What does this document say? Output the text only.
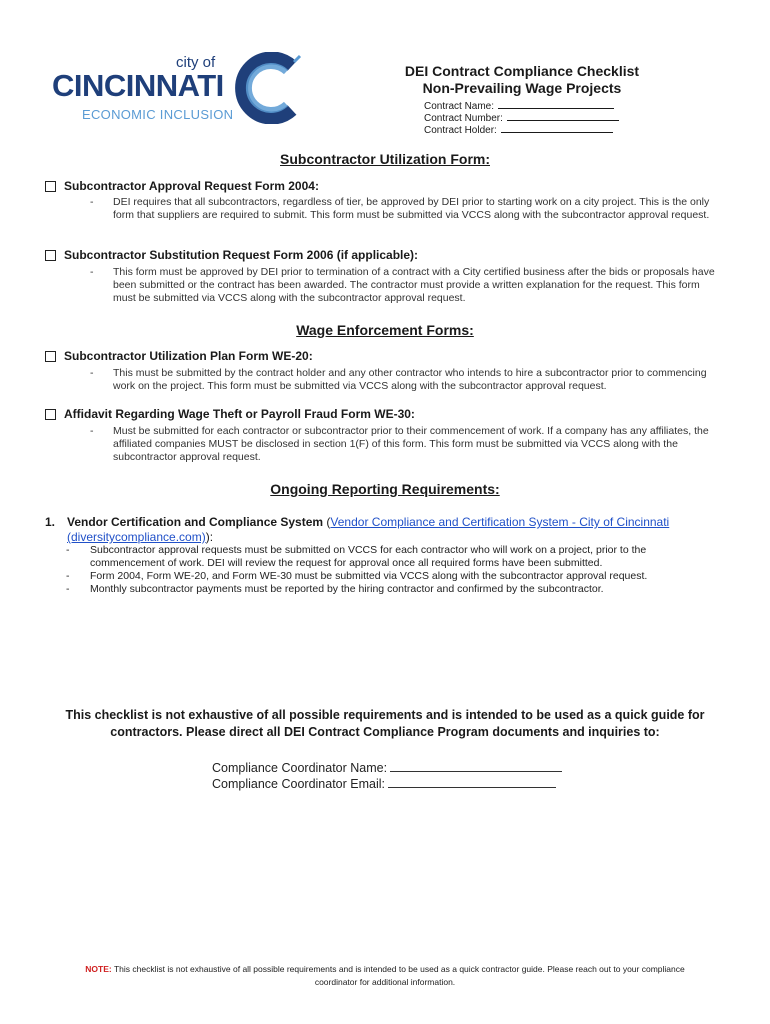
city of
CINCINNATI
ECONOMIC INCLUSION
DEI Contract Compliance Checklist
Non-Prevailing Wage Projects
Contract Name:
Contract Number:
Contract Holder:
Subcontractor Utilization Form:
Subcontractor Approval Request Form 2004:
- DEI requires that all subcontractors, regardless of tier, be approved by DEI prior to starting work on a city project. This is the only form that suppliers are required to submit. This form must be submitted via VCCS along with the subcontractor approval request.
Subcontractor Substitution Request Form 2006 (if applicable):
- This form must be approved by DEI prior to termination of a contract with a City certified business after the bids or proposals have been submitted or the contract has been awarded. The contractor must provide a written explanation for the request. This form must be submitted via VCCS along with the subcontractor approval request.
Wage Enforcement Forms:
Subcontractor Utilization Plan Form WE-20:
- This must be submitted by the contract holder and any other contractor who intends to hire a subcontractor prior to commencing work on the project. This form must be submitted via VCCS along with the subcontractor approval request.
Affidavit Regarding Wage Theft or Payroll Fraud Form WE-30:
- Must be submitted for each contractor or subcontractor prior to their commencement of work. If a company has any affiliates, the affiliated companies MUST be disclosed in section 1(F) of this form. This form must be submitted via VCCS along with the subcontractor approval request.
Ongoing Reporting Requirements:
1. Vendor Certification and Compliance System (Vendor Compliance and Certification System - City of Cincinnati
(diversitycompliance.com)):
- Subcontractor approval requests must be submitted on VCCS for each contractor who will work on a project, prior to the commencement of work. DEI will review the request for approval once all required forms have been submitted.
- Form 2004, Form WE-20, and Form WE-30 must be submitted via VCCS along with the subcontractor approval request.
- Monthly subcontractor payments must be reported by the hiring contractor and confirmed by the subcontractor.
This checklist is not exhaustive of all possible requirements and is intended to be used as a quick guide for
contractors. Please direct all DEI Contract Compliance Program documents and inquiries to:
Compliance Coordinator Name:
Compliance Coordinator Email:
NOTE: This checklist is not exhaustive of all possible requirements and is intended to be used as a quick contractor guide. Please reach out to your compliance
coordinator for additional information.
